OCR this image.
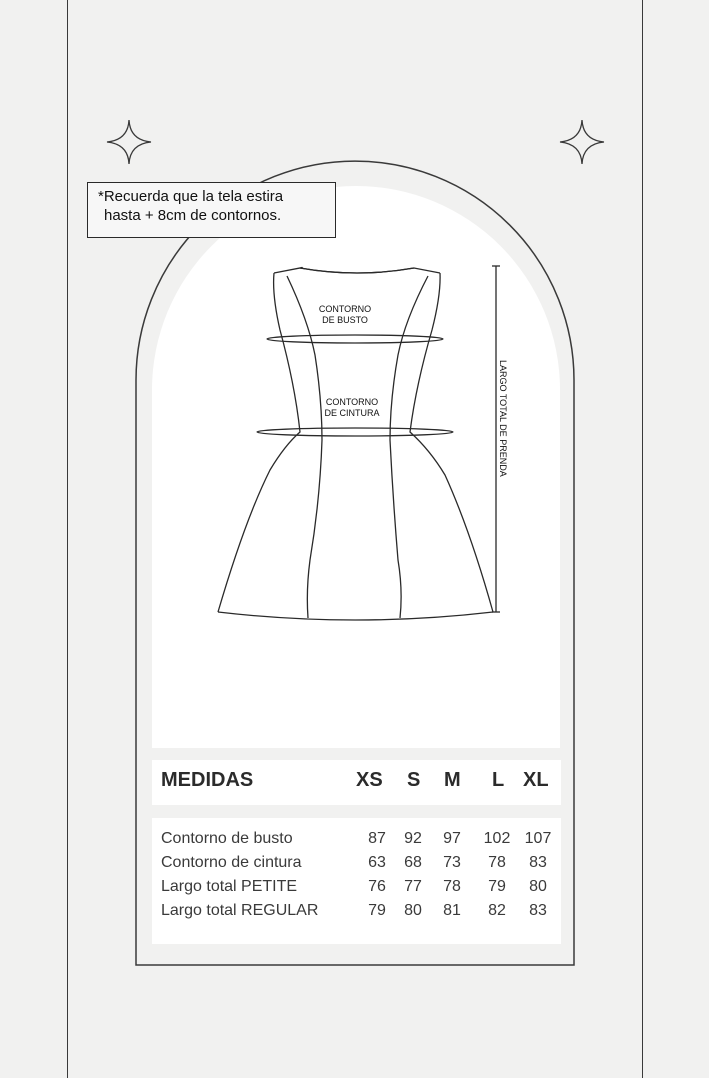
*Recuerda que la tela estira
hasta + 8cm de contornos.
CONTORNO
DE BUSTO
CONTORNO
DE CINTURA	LARGO TOTAL DE PRENDA
MEDIDAS	XS S M L XL
Contorno de busto	87	92	97	102 107
Contorno de cintura	63	68	73	78	83
Largo total PETITE	76	77	78	79	80
Largo total REGULAR	79	80	81	82	83
